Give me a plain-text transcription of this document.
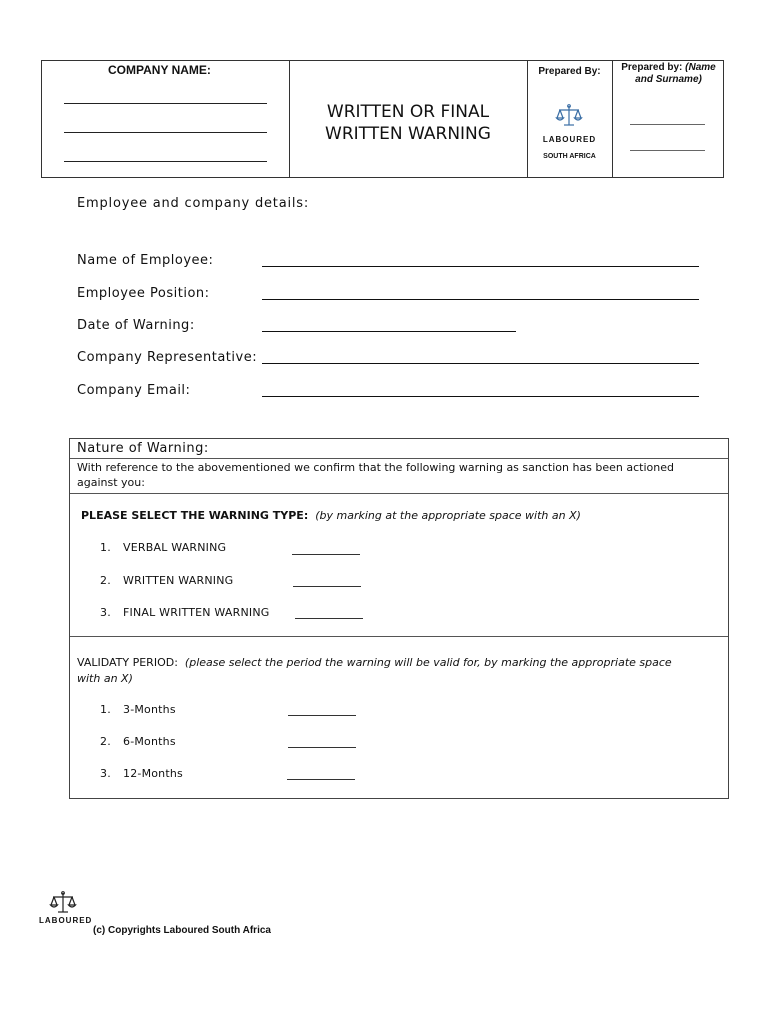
COMPANY NAME:
WRITTEN OR FINAL
WRITTEN WARNING
Prepared By:
LABOURED
SOUTH AFRICA
Prepared by: (Name
and Surname)
Employee and company details:
Name of Employee:
Employee Position:
Date of Warning:
Company Representative:
Company Email:
Nature of Warning:
With reference to the abovementioned we confirm that the following warning as sanction has been actioned
against you:
PLEASE SELECT THE WARNING TYPE: (by marking at the appropriate space with an X)
1. VERBAL WARNING
2. WRITTEN WARNING
3. FINAL WRITTEN WARNING
VALIDATY PERIOD: (please select the period the warning will be valid for, by marking the appropriate space
with an X)
1. 3-Months
2. 6-Months
3. 12-Months
LABOURED
(c) Copyrights Laboured South Africa
